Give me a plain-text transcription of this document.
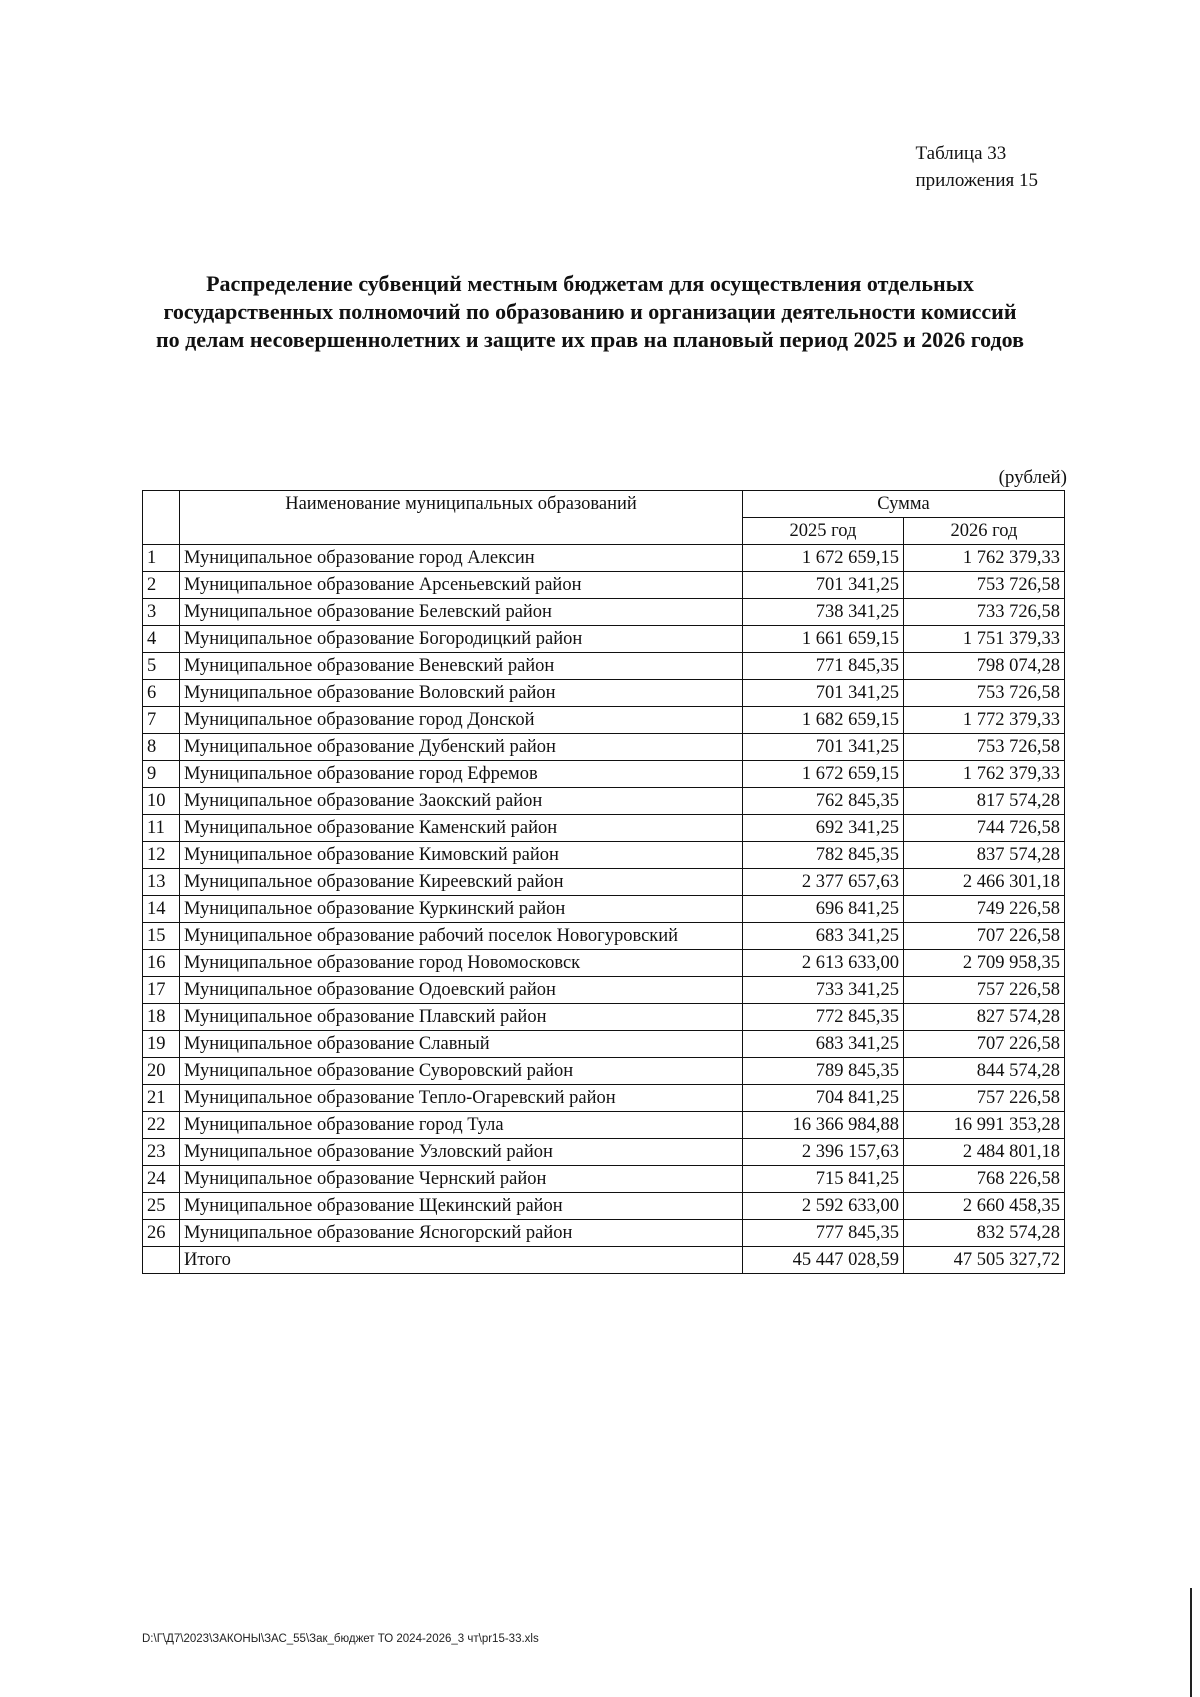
Таблица 33
приложения 15
Распределение субвенций местным бюджетам для осуществления отдельных государственных полномочий по образованию и организации деятельности комиссий по делам несовершеннолетних и защите их прав на плановый период 2025 и 2026 годов
(рублей)
	Наименование муниципальных образований	Сумма	
		2025 год	2026 год
1	Муниципальное образование город Алексин	1 672 659,15	1 762 379,33
2	Муниципальное образование Арсеньевский район	701 341,25	753 726,58
3	Муниципальное образование Белевский район	738 341,25	733 726,58
4	Муниципальное образование Богородицкий район	1 661 659,15	1 751 379,33
5	Муниципальное образование Веневский район	771 845,35	798 074,28
6	Муниципальное образование Воловский район	701 341,25	753 726,58
7	Муниципальное образование город Донской	1 682 659,15	1 772 379,33
8	Муниципальное образование Дубенский район	701 341,25	753 726,58
9	Муниципальное образование город Ефремов	1 672 659,15	1 762 379,33
10	Муниципальное образование Заокский район	762 845,35	817 574,28
11	Муниципальное образование Каменский район	692 341,25	744 726,58
12	Муниципальное образование Кимовский район	782 845,35	837 574,28
13	Муниципальное образование Киреевский район	2 377 657,63	2 466 301,18
14	Муниципальное образование Куркинский район	696 841,25	749 226,58
15	Муниципальное образование рабочий поселок Новогуровский	683 341,25	707 226,58
16	Муниципальное образование город Новомосковск	2 613 633,00	2 709 958,35
17	Муниципальное образование Одоевский район	733 341,25	757 226,58
18	Муниципальное образование Плавский район	772 845,35	827 574,28
19	Муниципальное образование Славный	683 341,25	707 226,58
20	Муниципальное образование Суворовский район	789 845,35	844 574,28
21	Муниципальное образование Тепло-Огаревский район	704 841,25	757 226,58
22	Муниципальное образование город Тула	16 366 984,88	16 991 353,28
23	Муниципальное образование Узловский район	2 396 157,63	2 484 801,18
24	Муниципальное образование Чернский район	715 841,25	768 226,58
25	Муниципальное образование Щекинский район	2 592 633,00	2 660 458,35
26	Муниципальное образование Ясногорский район	777 845,35	832 574,28
	Итого	45 447 028,59	47 505 327,72
D:\Г\Д7\2023\ЗАКОНЫ\ЗАС_55\Зак_бюджет ТО 2024-2026_3 чт\pr15-33.xls
